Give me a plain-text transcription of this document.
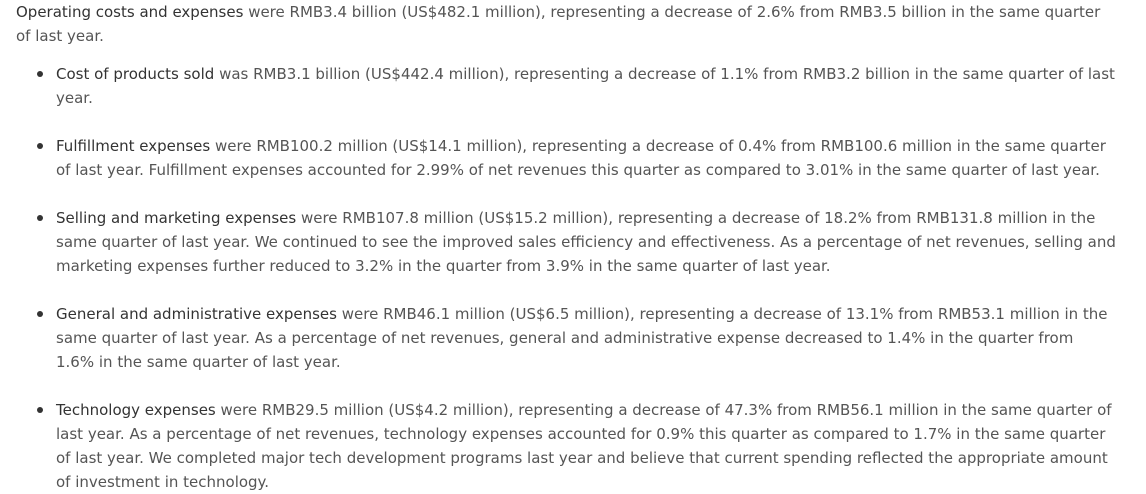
Operating costs and expenses were RMB3.4 billion (US$482.1 million), representing a decrease of 2.6% from RMB3.5 billion in the same quarter of last year.

Cost of products sold was RMB3.1 billion (US$442.4 million), representing a decrease of 1.1% from RMB3.2 billion in the same quarter of last year.
Fulfillment expenses were RMB100.2 million (US$14.1 million), representing a decrease of 0.4% from RMB100.6 million in the same quarter of last year. Fulfillment expenses accounted for 2.99% of net revenues this quarter as compared to 3.01% in the same quarter of last year.
Selling and marketing expenses were RMB107.8 million (US$15.2 million), representing a decrease of 18.2% from RMB131.8 million in the same quarter of last year. We continued to see the improved sales efficiency and effectiveness. As a percentage of net revenues, selling and marketing expenses further reduced to 3.2% in the quarter from 3.9% in the same quarter of last year.
General and administrative expenses were RMB46.1 million (US$6.5 million), representing a decrease of 13.1% from RMB53.1 million in the same quarter of last year. As a percentage of net revenues, general and administrative expense decreased to 1.4% in the quarter from 1.6% in the same quarter of last year.
Technology expenses were RMB29.5 million (US$4.2 million), representing a decrease of 47.3% from RMB56.1 million in the same quarter of last year. As a percentage of net revenues, technology expenses accounted for 0.9% this quarter as compared to 1.7% in the same quarter of last year. We completed major tech development programs last year and believe that current spending reflected the appropriate amount of investment in technology.
